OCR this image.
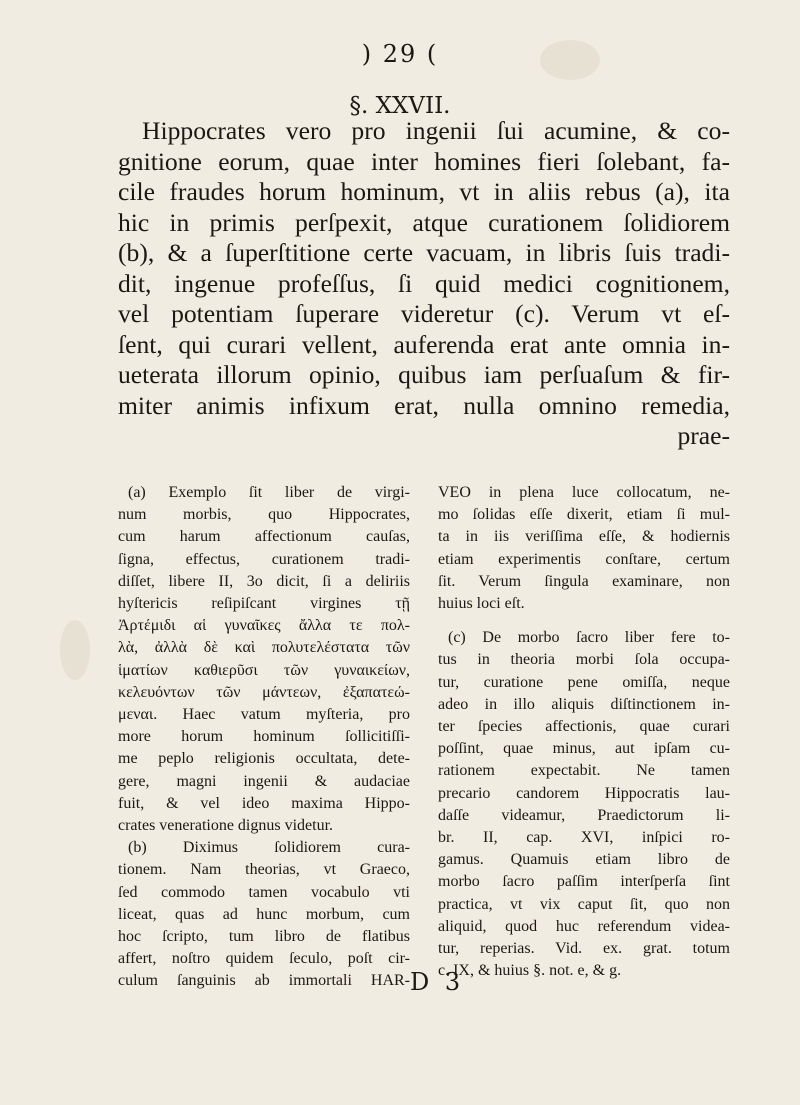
) 29 (
§. XXVII.
Hippocrates vero pro ingenii ſui acumine, & co-
gnitione eorum, quae inter homines fieri ſolebant, fa-
cile fraudes horum hominum, vt in aliis rebus (a), ita
hic in primis perſpexit, atque curationem ſolidiorem
(b), & a ſuperſtitione certe vacuam, in libris ſuis tradi-
dit, ingenue profeſſus, ſi quid medici cognitionem,
vel potentiam ſuperare videretur (c). Verum vt eſ-
ſent, qui curari vellent, auferenda erat ante omnia in-
ueterata illorum opinio, quibus iam perſuaſum & fir-
miter animis infixum erat, nulla omnino remedia,
prae-
(a) Exemplo ſit liber de virgi-
num morbis, quo Hippocrates,
cum harum affectionum cauſas,
ſigna, effectus, curationem tradi-
diſſet, libere II, 3o dicit, ſi a deliriis
hyſtericis reſipiſcant virgines τῇ
Ἀρτέμιδι αἱ γυναῖκες ἄλλα τε πολ-
λὰ, ἀλλὰ δὲ καὶ πολυτελέστατα τῶν
ἱματίων καθιερῦσι τῶν γυναικείων,
κελευόντων τῶν μάντεων, ἐξαπατεώ-
μεναι. Haec vatum myſteria, pro
more horum hominum ſollicitiſſi-
me peplo religionis occultata, dete-
gere, magni ingenii & audaciae
fuit, & vel ideo maxima Hippo-
crates veneratione dignus videtur.
(b) Diximus ſolidiorem cura-
tionem. Nam theorias, vt Graeco,
ſed commodo tamen vocabulo vti
liceat, quas ad hunc morbum, cum
hoc ſcripto, tum libro de flatibus
affert, noſtro quidem ſeculo, poſt cir-
culum ſanguinis ab immortali HAR-
VEO in plena luce collocatum, ne-
mo ſolidas eſſe dixerit, etiam ſi mul-
ta in iis veriſſima eſſe, & hodiernis
etiam experimentis conſtare, certum
ſit. Verum ſingula examinare, non
huius loci eſt.
(c) De morbo ſacro liber fere to-
tus in theoria morbi ſola occupa-
tur, curatione pene omiſſa, neque
adeo in illo aliquis diſtinctionem in-
ter ſpecies affectionis, quae curari
poſſint, quae minus, aut ipſam cu-
rationem expectabit. Ne tamen
precario candorem Hippocratis lau-
daſſe videamur, Praedictorum li-
br. II, cap. XVI, inſpici ro-
gamus. Quamuis etiam libro de
morbo ſacro paſſim interſperſa ſint
practica, vt vix caput ſit, quo non
aliquid, quod huc referendum videa-
tur, reperias. Vid. ex. grat. totum
c. IX, & huius §. not. e, & g.
D 3
